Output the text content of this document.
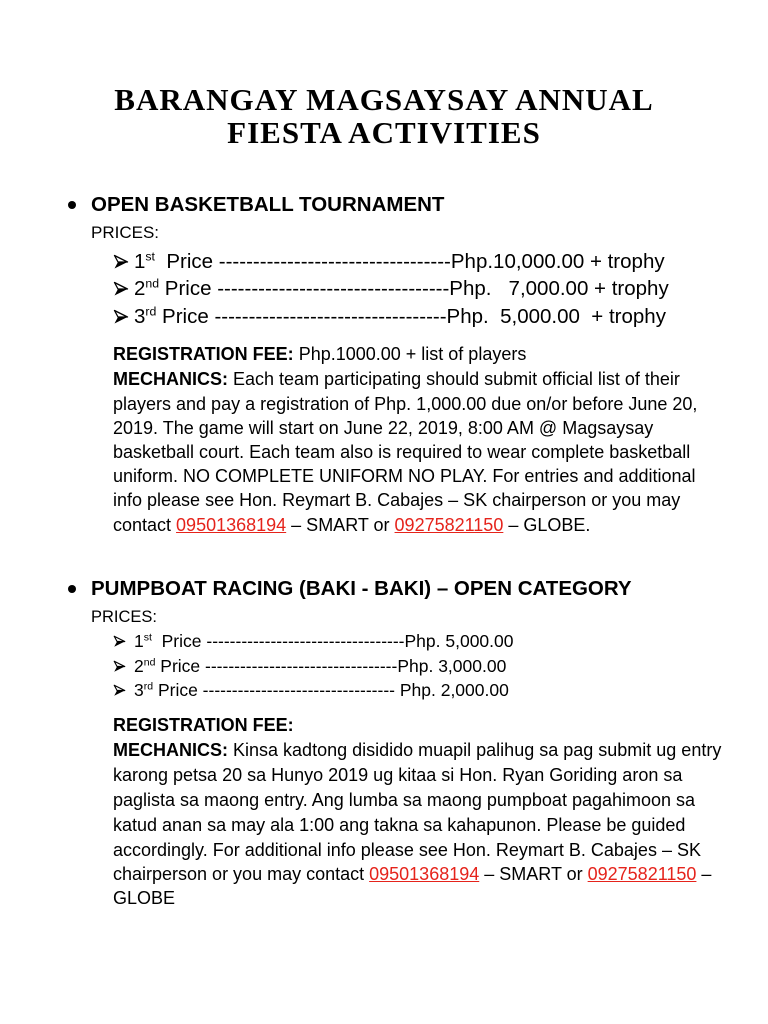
BARANGAY MAGSAYSAY ANNUAL
FIESTA ACTIVITIES
OPEN BASKETBALL TOURNAMENT
PRICES:
1st  Price ----------------------------------Php.10,000.00 + trophy
2nd Price ----------------------------------Php.   7,000.00 + trophy
3rd Price ----------------------------------Php.  5,000.00  + trophy
REGISTRATION FEE: Php.1000.00 + list of players
MECHANICS: Each team participating should submit official list of their
players and pay a registration of Php. 1,000.00 due on/or before June 20,
2019. The game will start on June 22, 2019, 8:00 AM @ Magsaysay
basketball court. Each team also is required to wear complete basketball
uniform. NO COMPLETE UNIFORM NO PLAY. For entries and additional
info please see Hon. Reymart B. Cabajes – SK chairperson or you may
contact 09501368194 – SMART or 09275821150 – GLOBE.
PUMPBOAT RACING (BAKI - BAKI) – OPEN CATEGORY
PRICES:
1st  Price ----------------------------------Php. 5,000.00
2nd Price ---------------------------------Php. 3,000.00
3rd Price --------------------------------- Php. 2,000.00
REGISTRATION FEE:
MECHANICS: Kinsa kadtong disidido muapil palihug sa pag submit ug entry
karong petsa 20 sa Hunyo 2019 ug kitaa si Hon. Ryan Goriding aron sa
paglista sa maong entry. Ang lumba sa maong pumpboat pagahimoon sa
katud anan sa may ala 1:00 ang takna sa kahapunon. Please be guided
accordingly. For additional info please see Hon. Reymart B. Cabajes – SK
chairperson or you may contact 09501368194 – SMART or 09275821150 –
GLOBE
